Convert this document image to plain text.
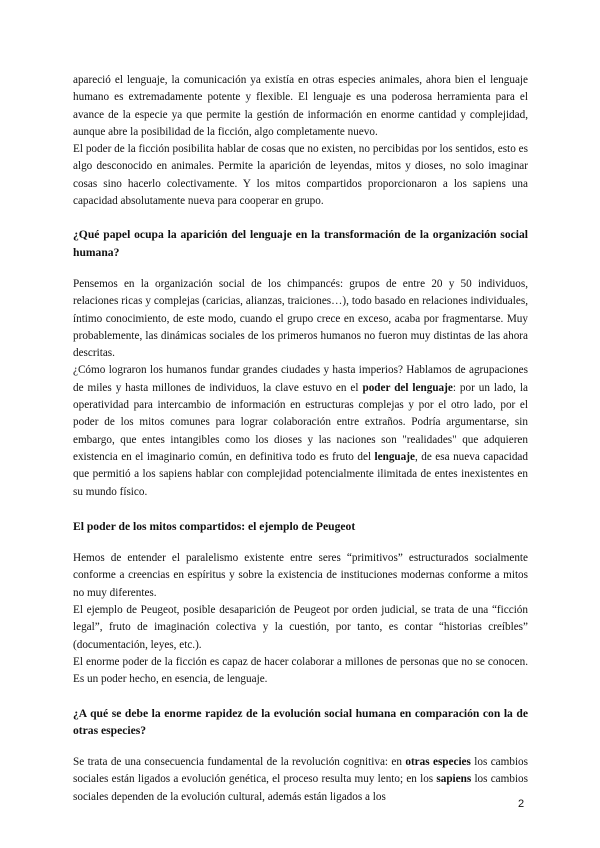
apareció el lenguaje, la comunicación ya existía en otras especies animales, ahora bien el lenguaje humano es extremadamente potente y flexible. El lenguaje es una poderosa herramienta para el avance de la especie ya que permite la gestión de información en enorme cantidad y complejidad, aunque abre la posibilidad de la ficción, algo completamente nuevo.

El poder de la ficción posibilita hablar de cosas que no existen, no percibidas por los sentidos, esto es algo desconocido en animales. Permite la aparición de leyendas, mitos y dioses, no solo imaginar cosas sino hacerlo colectivamente. Y los mitos compartidos proporcionaron a los sapiens una capacidad absolutamente nueva para cooperar en grupo.

¿Qué papel ocupa la aparición del lenguaje en la transformación de la organización social humana?

Pensemos en la organización social de los chimpancés: grupos de entre 20 y 50 individuos, relaciones ricas y complejas (caricias, alianzas, traiciones…), todo basado en relaciones individuales, íntimo conocimiento, de este modo, cuando el grupo crece en exceso, acaba por fragmentarse. Muy probablemente, las dinámicas sociales de los primeros humanos no fueron muy distintas de las ahora descritas.

¿Cómo lograron los humanos fundar grandes ciudades y hasta imperios? Hablamos de agrupaciones de miles y hasta millones de individuos, la clave estuvo en el poder del lenguaje: por un lado, la operatividad para intercambio de información en estructuras complejas y por el otro lado, por el poder de los mitos comunes para lograr colaboración entre extraños. Podría argumentarse, sin embargo, que entes intangibles como los dioses y las naciones son "realidades" que adquieren existencia en el imaginario común, en definitiva todo es fruto del lenguaje, de esa nueva capacidad que permitió a los sapiens hablar con complejidad potencialmente ilimitada de entes inexistentes en su mundo físico.

El poder de los mitos compartidos: el ejemplo de Peugeot

Hemos de entender el paralelismo existente entre seres “primitivos” estructurados socialmente conforme a creencias en espíritus y sobre la existencia de instituciones modernas conforme a mitos no muy diferentes.

El ejemplo de Peugeot, posible desaparición de Peugeot por orden judicial, se trata de una “ficción legal”, fruto de imaginación colectiva y la cuestión, por tanto, es contar “historias creíbles” (documentación, leyes, etc.).

El enorme poder de la ficción es capaz de hacer colaborar a millones de personas que no se conocen. Es un poder hecho, en esencia, de lenguaje.

¿A qué se debe la enorme rapidez de la evolución social humana en comparación con la de otras especies?

Se trata de una consecuencia fundamental de la revolución cognitiva: en otras especies los cambios sociales están ligados a evolución genética, el proceso resulta muy lento; en los sapiens los cambios sociales dependen de la evolución cultural, además están ligados a los

2
